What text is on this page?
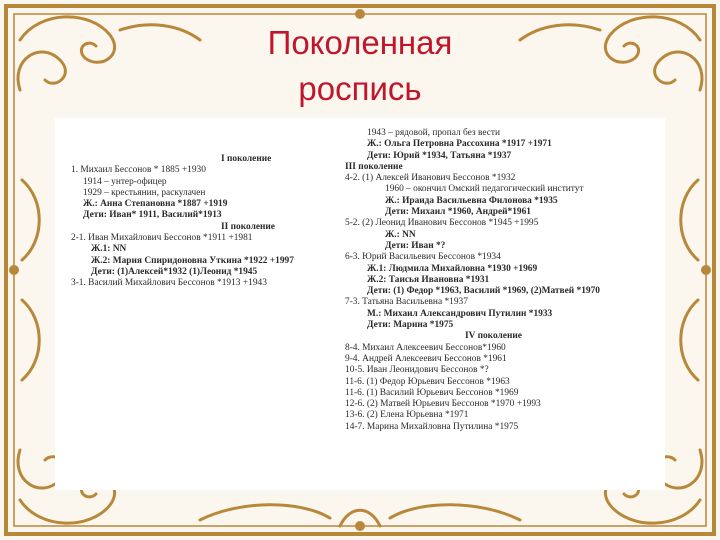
Поколенная
роспись
I поколение
1. Михаил Бессонов * 1885 +1930
1914 – унтер-офицер
1929 – крестьянин, раскулачен
Ж.: Анна Степановна *1887 +1919
Дети: Иван* 1911, Василий*1913
II поколение
2-1. Иван Михайлович Бессонов *1911 +1981
Ж.1: NN
Ж.2: Мария Спиридоновна Уткина *1922 +1997
Дети: (1)Алексей*1932 (1)Леонид *1945
3-1. Василий Михайлович Бессонов *1913 +1943
1943 – рядовой, пропал без вести
Ж.: Ольга Петровна Рассохина *1917 +1971
Дети: Юрий *1934, Татьяна *1937
III поколение
4-2. (1) Алексей Иванович Бессонов *1932
1960 – окончил Омский педагогический институт
Ж.: Ираида Васильевна Филонова *1935
Дети: Михаил *1960, Андрей*1961
5-2. (2) Леонид Иванович Бессонов *1945 +1995
Ж.: NN
Дети: Иван *?
6-3. Юрий Васильевич Бессонов *1934
Ж.1: Людмила Михайловна *1930 +1969
Ж.2: Таисья Ивановна *1931
Дети: (1) Федор *1963, Василий *1969, (2)Матвей *1970
7-3. Татьяна Васильевна *1937
М.: Михаил Александрович Путилин *1933
Дети: Марина *1975
IV поколение
8-4. Михаил Алексеевич Бессонов*1960
9-4. Андрей Алексеевич Бессонов *1961
10-5. Иван Леонидович Бессонов *?
11-6. (1) Федор Юрьевич Бессонов *1963
11-6. (1) Василий Юрьевич Бессонов *1969
12-6. (2) Матвей Юрьевич Бессонов *1970 +1993
13-6. (2) Елена Юрьевна *1971
14-7. Марина Михайловна Путилина *1975
